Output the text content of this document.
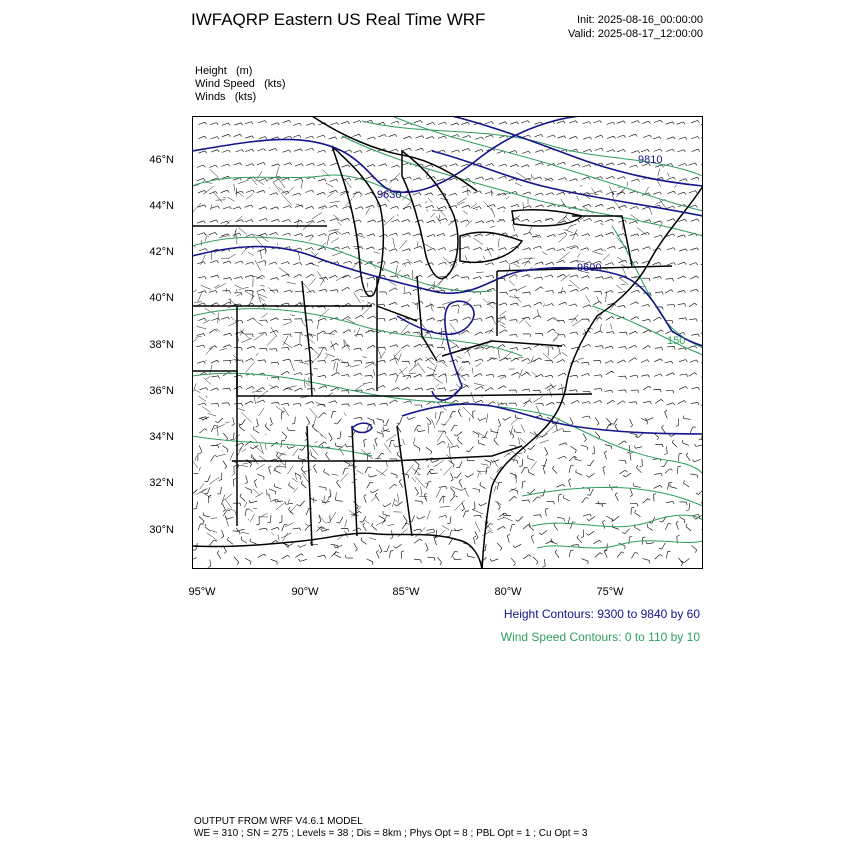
IWFAQRP Eastern US Real Time WRF	Init: 2025-08-16_00:00:00
Valid: 2025-08-17_12:00:00
Height (m)
Wind Speed (kts)
Winds (kts)
9810
9630
9600
150
46°N
44°N
42°N
40°N
38°N
36°N
34°N
32°N
30°N
95°W	90°W	85°W	80°W	75°W
Height Contours: 9300 to 9840 by 60
Wind Speed Contours: 0 to 110 by 10
OUTPUT FROM WRF V4.6.1 MODEL
WE = 310 ; SN = 275 ; Levels = 38 ; Dis = 8km ; Phys Opt = 8 ; PBL Opt = 1 ; Cu Opt = 3
